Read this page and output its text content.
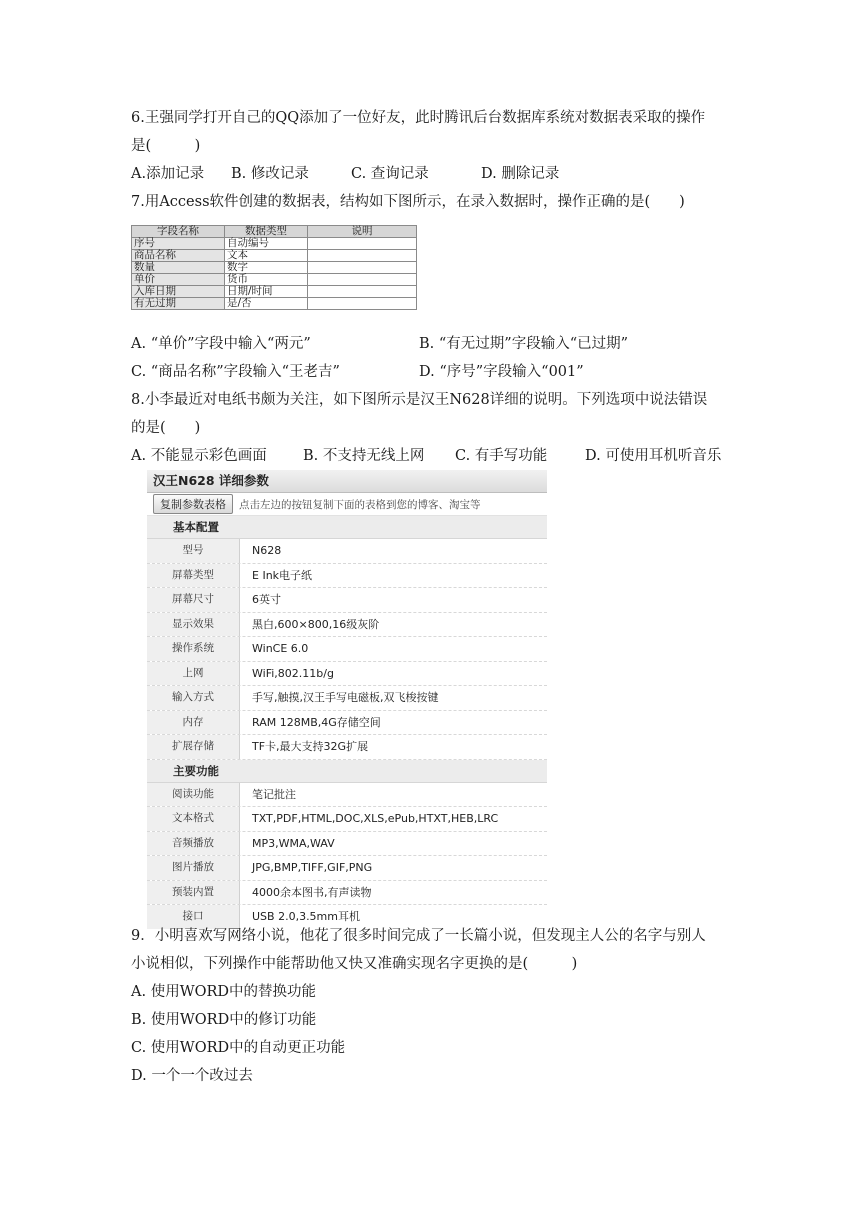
6.王强同学打开自己的QQ添加了一位好友，此时腾讯后台数据库系统对数据表采取的操作
是(　　　)
A.添加记录	B. 修改记录	C. 查询记录	D. 删除记录
7.用Access软件创建的数据表，结构如下图所示，在录入数据时，操作正确的是(　　)
字段名称	数据类型	说明
序号	自动编号	
商品名称	文本	
数量	数字	
单价	货币	
入库日期	日期/时间	
有无过期	是/否	
A. “单价”字段中输入“两元”	B. “有无过期”字段输入“已过期”
C. “商品名称”字段输入“王老吉”	D. “序号”字段输入“001”
8.小李最近对电纸书颇为关注，如下图所示是汉王N628详细的说明。下列选项中说法错误
的是(　　)
A. 不能显示彩色画面	B. 不支持无线上网	C. 有手写功能	D. 可使用耳机听音乐
汉王N628 详细参数
复制参数表格	点击左边的按钮复制下面的表格到您的博客、淘宝等
基本配置
型号	N628
屏幕类型	E Ink电子纸
屏幕尺寸	6英寸
显示效果	黑白,600×800,16级灰阶
操作系统	WinCE 6.0
上网	WiFi,802.11b/g
输入方式	手写,触摸,汉王手写电磁板,双飞梭按键
内存	RAM 128MB,4G存储空间
扩展存储	TF卡,最大支持32G扩展
主要功能
阅读功能	笔记批注
文本格式	TXT,PDF,HTML,DOC,XLS,ePub,HTXT,HEB,LRC
音频播放	MP3,WMA,WAV
图片播放	JPG,BMP,TIFF,GIF,PNG
预装内置	4000余本图书,有声读物
接口	USB 2.0,3.5mm耳机
9．小明喜欢写网络小说，他花了很多时间完成了一长篇小说，但发现主人公的名字与别人
小说相似，下列操作中能帮助他又快又准确实现名字更换的是(　　　)
A. 使用WORD中的替换功能
B. 使用WORD中的修订功能
C. 使用WORD中的自动更正功能
D. 一个一个改过去
